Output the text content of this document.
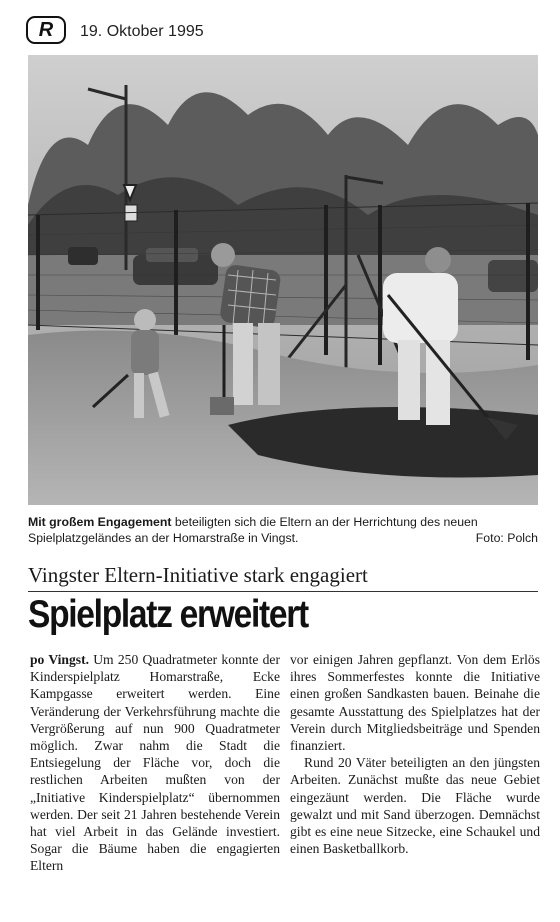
R 19. Oktober 1995
Mit großem Engagement beteiligten sich die Eltern an der Herrichtung des neuen Spielplatzgeländes an der Homarstraße in Vingst.	Foto: Polch
Vingster Eltern-Initiative stark engagiert
Spielplatz erweitert

po Vingst. Um 250 Quadratmeter konnte der Kinderspielplatz Homarstraße, Ecke Kampgasse erweitert werden. Eine Veränderung der Verkehrsführung machte die Vergrößerung auf nun 900 Quadratmeter möglich. Zwar nahm die Stadt die Entsiegelung der Fläche vor, doch die restlichen Arbeiten mußten von der „Initiative Kinderspielplatz“ übernommen werden. Der seit 21 Jahren bestehende Verein hat viel Arbeit in das Gelände investiert. Sogar die Bäume haben die engagierten Eltern

vor einigen Jahren gepflanzt. Von dem Erlös ihres Sommerfestes konnte die Initiative einen großen Sandkasten bauen. Beinahe die gesamte Ausstattung des Spielplatzes hat der Verein durch Mitgliedsbeiträge und Spenden finanziert.

Rund 20 Väter beteiligten an den jüngsten Arbeiten. Zunächst mußte das neue Gebiet eingezäunt werden. Die Fläche wurde gewalzt und mit Sand überzogen. Demnächst gibt es eine neue Sitzecke, eine Schaukel und einen Basketballkorb.
